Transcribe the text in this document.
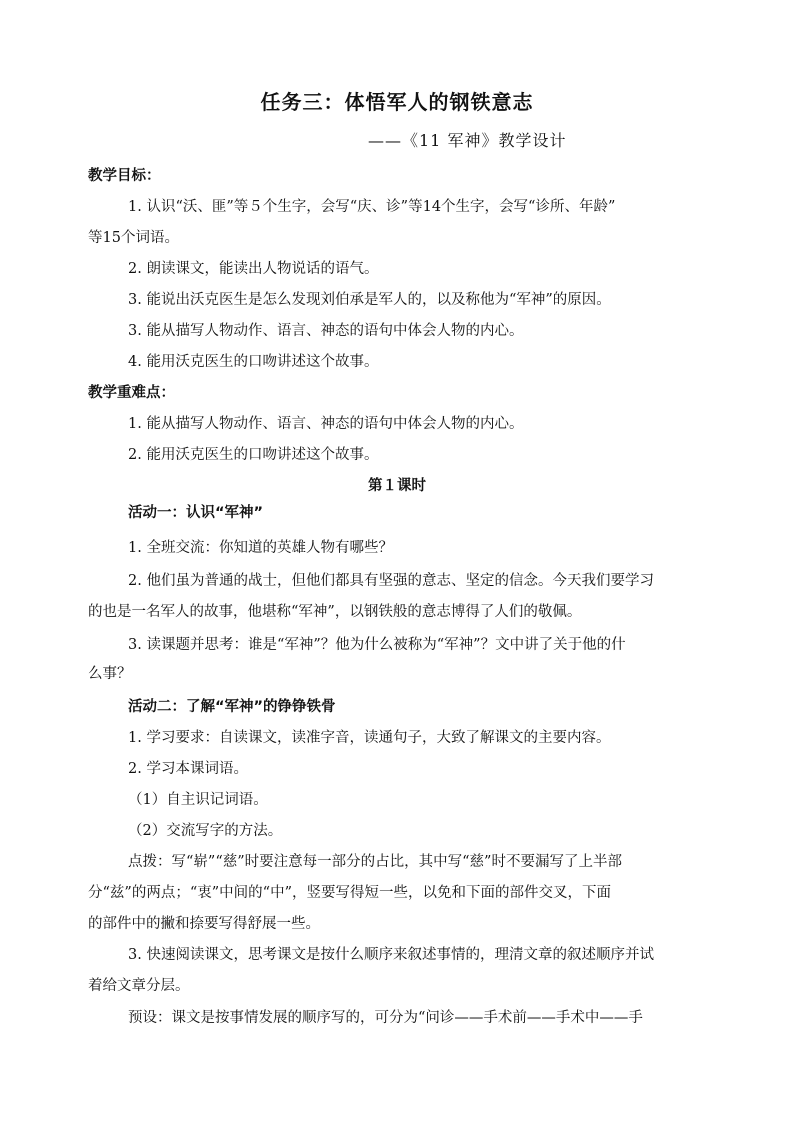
任务三：体悟军人的钢铁意志
——《11 军神》教学设计
教学目标：
1. 认识“沃、匪”等５个生字，会写“庆、诊”等14个生字，会写“诊所、年龄”
等15个词语。
2. 朗读课文，能读出人物说话的语气。
3. 能说出沃克医生是怎么发现刘伯承是军人的，以及称他为“军神”的原因。
3. 能从描写人物动作、语言、神态的语句中体会人物的内心。
4. 能用沃克医生的口吻讲述这个故事。
教学重难点：
1. 能从描写人物动作、语言、神态的语句中体会人物的内心。
2. 能用沃克医生的口吻讲述这个故事。
第１课时
活动一：认识“军神”
1. 全班交流：你知道的英雄人物有哪些？
2. 他们虽为普通的战士，但他们都具有坚强的意志、坚定的信念。今天我们要学习
的也是一名军人的故事，他堪称“军神”，以钢铁般的意志博得了人们的敬佩。
3. 读课题并思考：谁是“军神”？他为什么被称为“军神”？文中讲了关于他的什
么事？
活动二：了解“军神”的铮铮铁骨
1. 学习要求：自读课文，读准字音，读通句子，大致了解课文的主要内容。
2. 学习本课词语。
（1）自主识记词语。
（2）交流写字的方法。
点拨：写“崭”“慈”时要注意每一部分的占比，其中写“慈”时不要漏写了上半部
分“兹”的两点；“衷”中间的“中”，竖要写得短一些，以免和下面的部件交叉，下面
的部件中的撇和捺要写得舒展一些。
3. 快速阅读课文，思考课文是按什么顺序来叙述事情的，理清文章的叙述顺序并试
着给文章分层。
预设：课文是按事情发展的顺序写的，可分为“问诊——手术前——手术中——手
